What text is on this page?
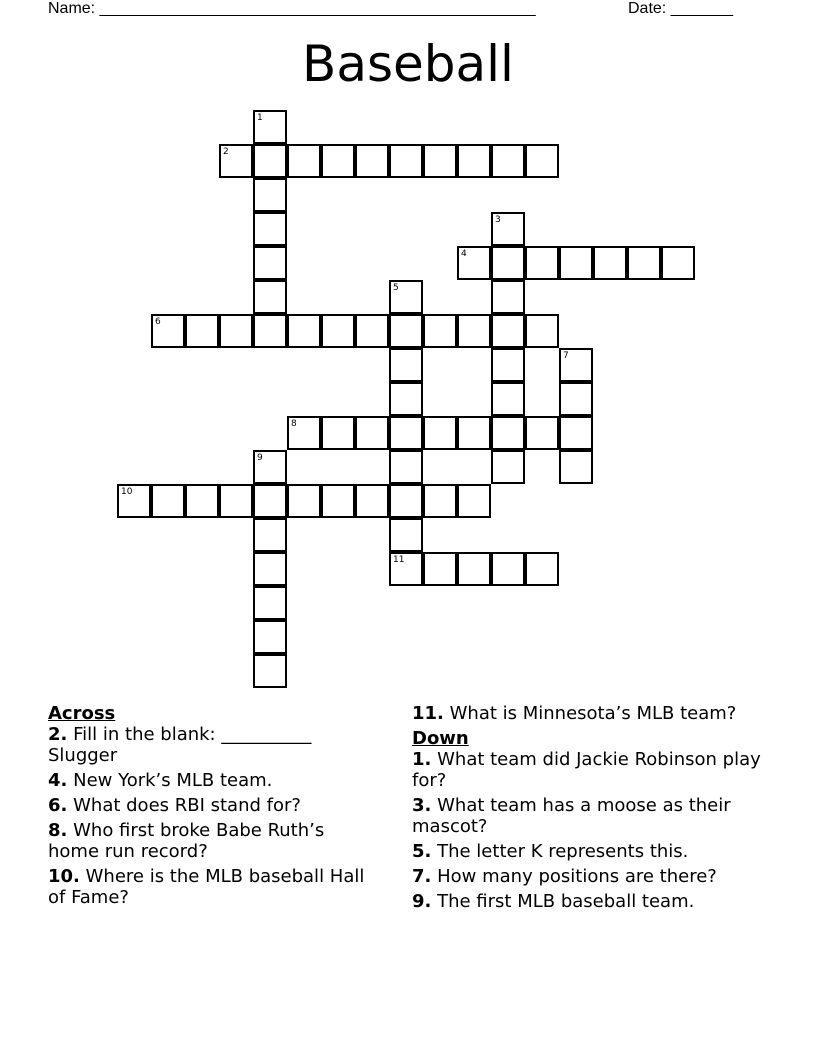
Name: _________________________________________________	Date: _______
Baseball
1
2
3
4
5
6
7
8
9
10
11
Across
2. Fill in the blank: __________ Slugger
4. New York’s MLB team.
6. What does RBI stand for?
8. Who first broke Babe Ruth’s home run record?
10. Where is the MLB baseball Hall of Fame?
11. What is Minnesota’s MLB team?
Down
1. What team did Jackie Robinson play for?
3. What team has a moose as their mascot?
5. The letter K represents this.
7. How many positions are there?
9. The first MLB baseball team.
